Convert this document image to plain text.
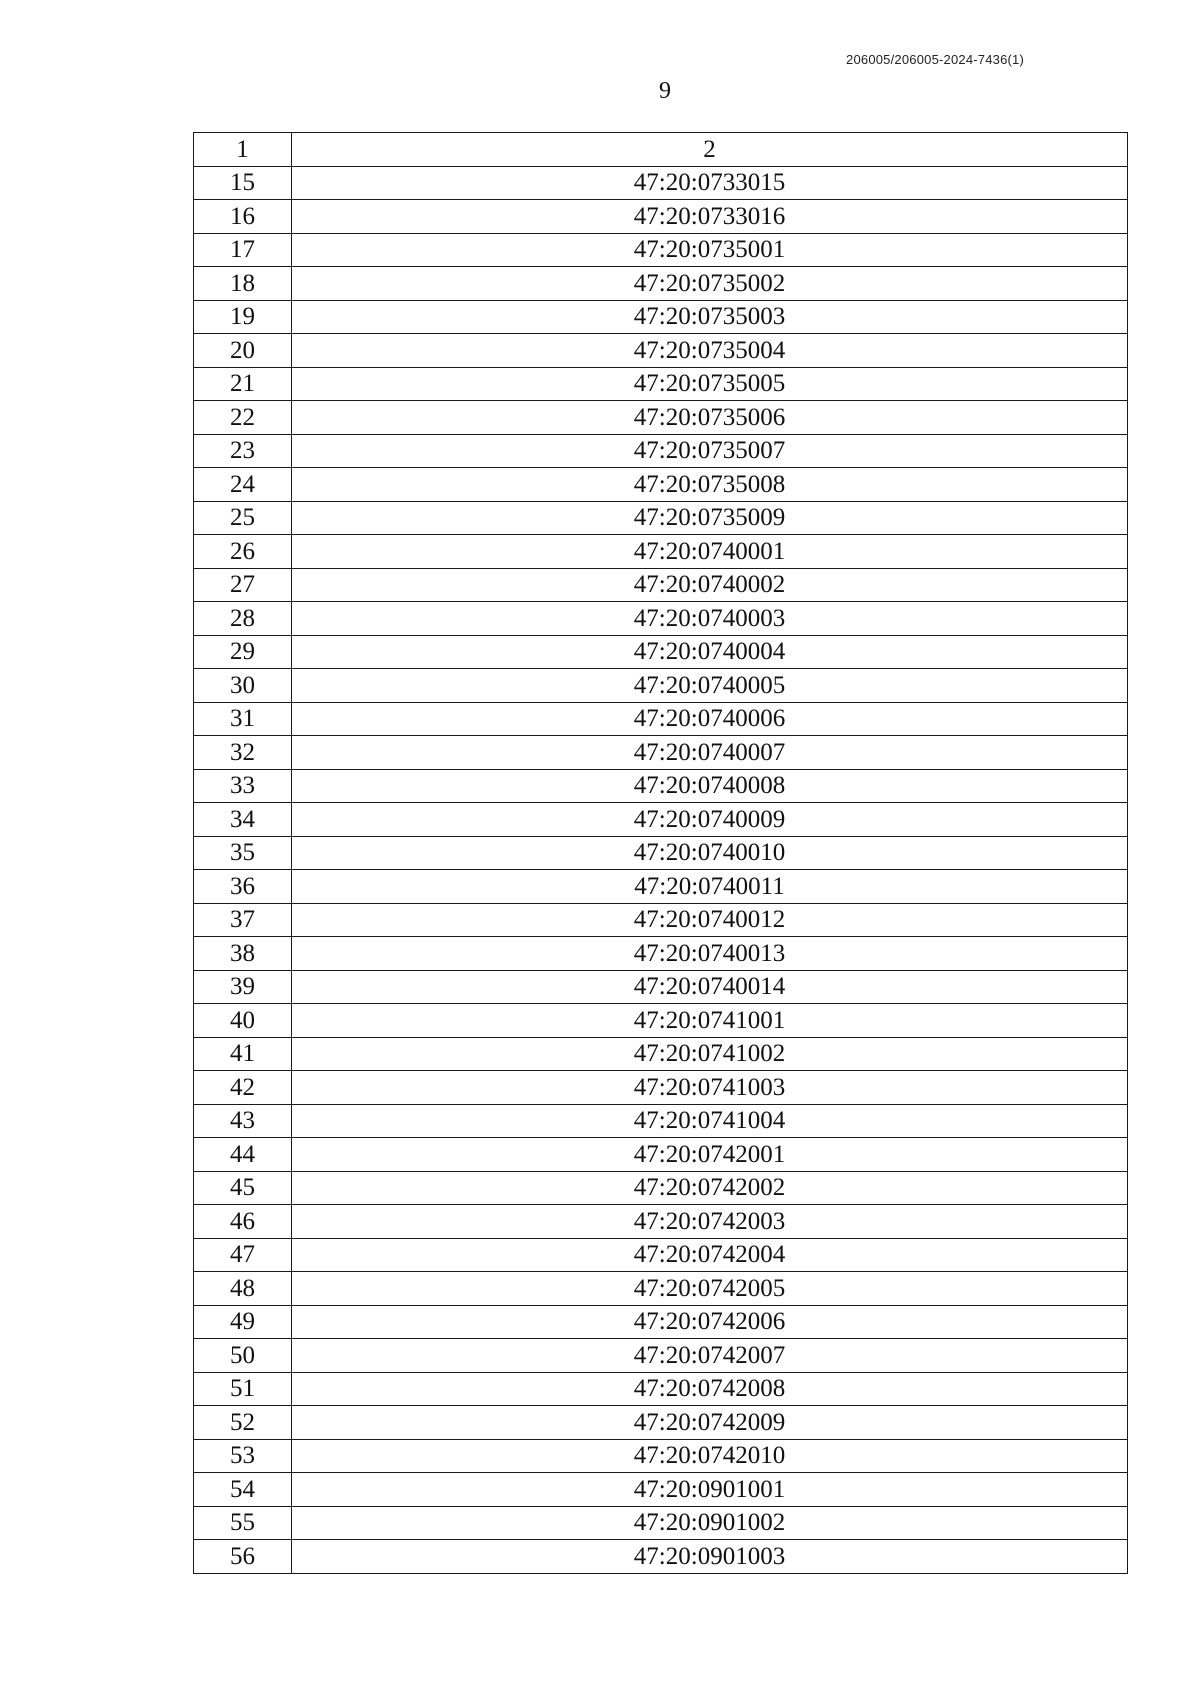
206005/206005-2024-7436(1)
9
1	2
15	47:20:0733015
16	47:20:0733016
17	47:20:0735001
18	47:20:0735002
19	47:20:0735003
20	47:20:0735004
21	47:20:0735005
22	47:20:0735006
23	47:20:0735007
24	47:20:0735008
25	47:20:0735009
26	47:20:0740001
27	47:20:0740002
28	47:20:0740003
29	47:20:0740004
30	47:20:0740005
31	47:20:0740006
32	47:20:0740007
33	47:20:0740008
34	47:20:0740009
35	47:20:0740010
36	47:20:0740011
37	47:20:0740012
38	47:20:0740013
39	47:20:0740014
40	47:20:0741001
41	47:20:0741002
42	47:20:0741003
43	47:20:0741004
44	47:20:0742001
45	47:20:0742002
46	47:20:0742003
47	47:20:0742004
48	47:20:0742005
49	47:20:0742006
50	47:20:0742007
51	47:20:0742008
52	47:20:0742009
53	47:20:0742010
54	47:20:0901001
55	47:20:0901002
56	47:20:0901003
